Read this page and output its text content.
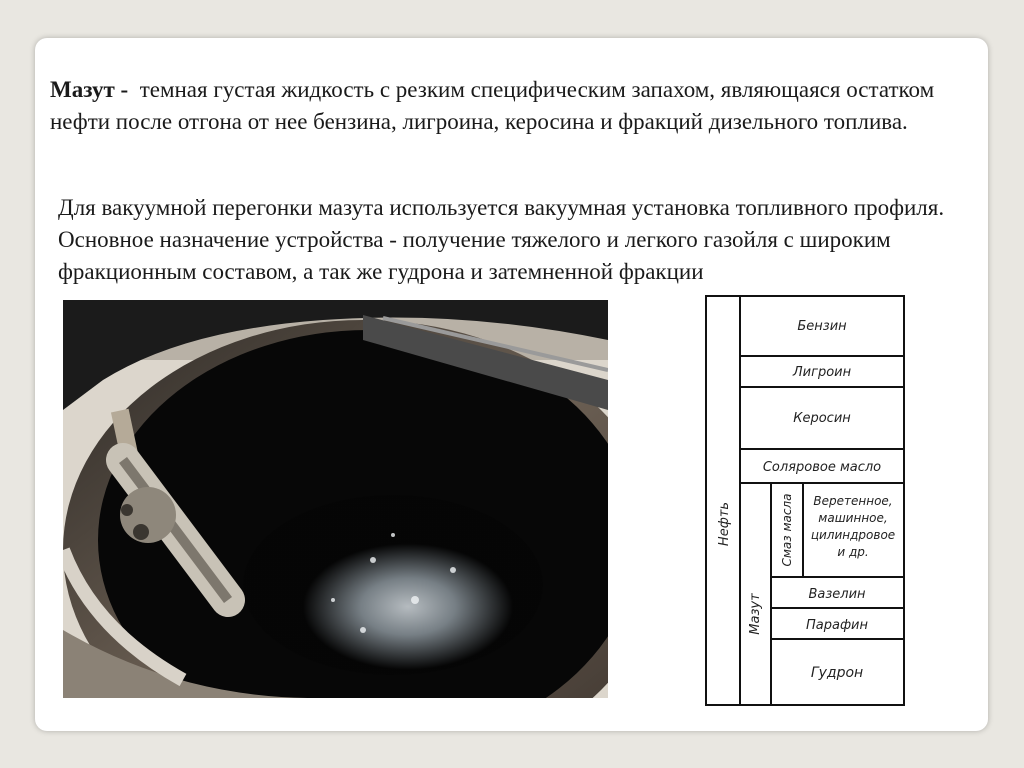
Мазут - темная густая жидкость с резким специфическим запахом, являющаяся остатком нефти после отгона от нее бензина, лигроина, керосина и фракций дизельного топлива.
Для вакуумной перегонки мазута используется вакуумная установка топливного профиля. Основное назначение устройства - получение тяжелого и легкого газойля с широким фракционным составом, а так же гудрона и затемненной фракции
Нефть
Мазут
Смаз масла
Бензин
Лигроин
Керосин
Соляровое масло
Веретенное,
машинное,
цилиндровое
и др.
Вазелин
Парафин
Гудрон
